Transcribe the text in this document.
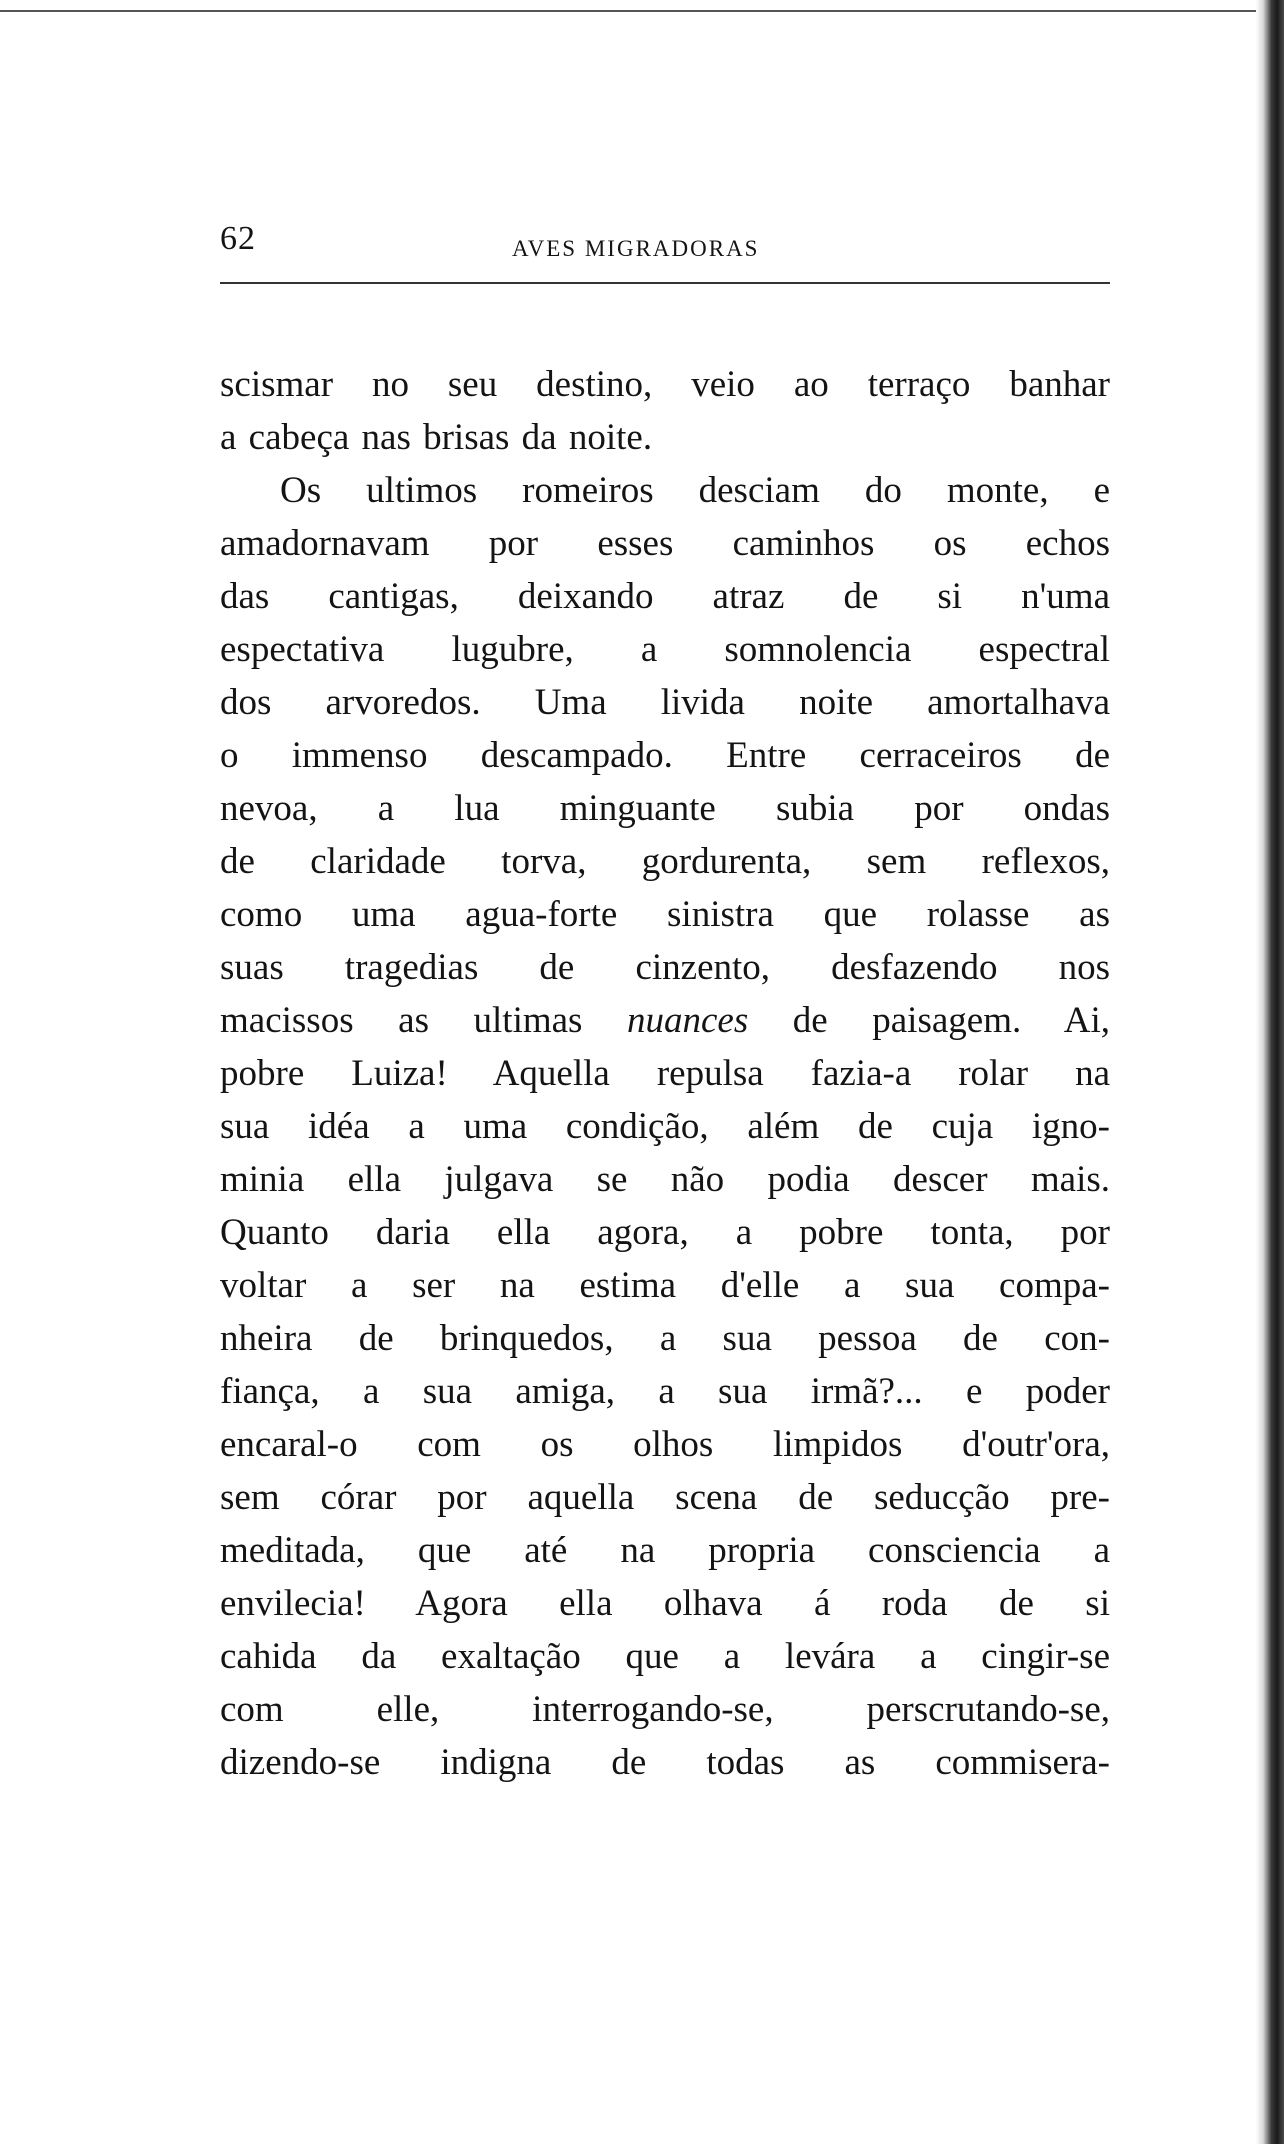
62	AVES MIGRADORAS
scismar no seu destino, veio ao terraço banhar
a cabeça nas brisas da noite.
Os ultimos romeiros desciam do monte, e
amadornavam por esses caminhos os echos
das cantigas, deixando atraz de si n'uma
espectativa lugubre, a somnolencia espectral
dos arvoredos. Uma livida noite amortalhava
o immenso descampado. Entre cerraceiros de
nevoa, a lua minguante subia por ondas
de claridade torva, gordurenta, sem reflexos,
como uma agua-forte sinistra que rolasse as
suas tragedias de cinzento, desfazendo nos
macissos as ultimas nuances de paisagem. Ai,
pobre Luiza! Aquella repulsa fazia-a rolar na
sua idéa a uma condição, além de cuja igno-
minia ella julgava se não podia descer mais.
Quanto daria ella agora, a pobre tonta, por
voltar a ser na estima d'elle a sua compa-
nheira de brinquedos, a sua pessoa de con-
fiança, a sua amiga, a sua irmã?... e poder
encaral-o com os olhos limpidos d'outr'ora,
sem córar por aquella scena de seducção pre-
meditada, que até na propria consciencia a
envilecia! Agora ella olhava á roda de si
cahida da exaltação que a levára a cingir-se
com elle, interrogando-se, perscrutando-se,
dizendo-se indigna de todas as commisera-
